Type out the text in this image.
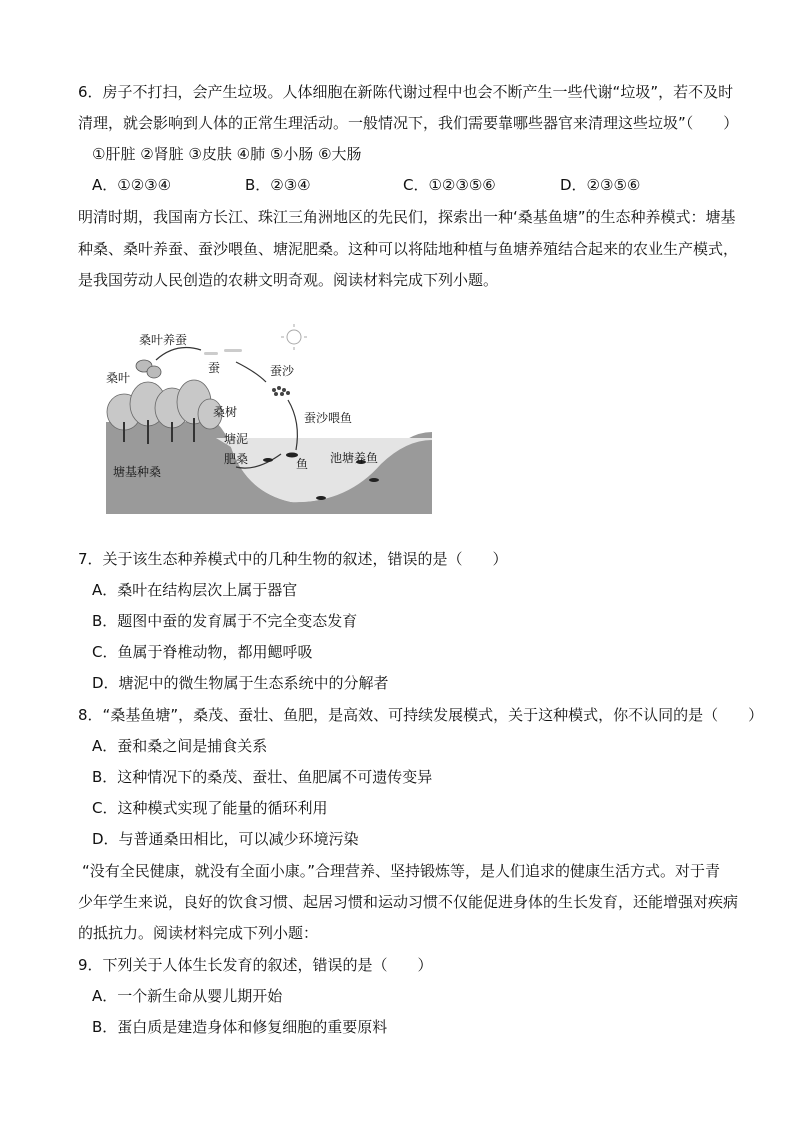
6．房子不打扫，会产生垃圾。人体细胞在新陈代谢过程中也会不断产生一些代谢“垃圾”，若不及时
清理，就会影响到人体的正常生理活动。一般情况下，我们需要靠哪些器官来清理这些垃圾”（　　）
①肝脏 ②肾脏 ③皮肤 ④肺 ⑤小肠 ⑥大肠
A．①②③④	B．②③④	C．①②③⑤⑥	D．②③⑤⑥
明清时期，我国南方长江、珠江三角洲地区的先民们，探索出一种‘桑基鱼塘”的生态种养模式：塘基
种桑、桑叶养蚕、蚕沙喂鱼、塘泥肥桑。这种可以将陆地种植与鱼塘养殖结合起来的农业生产模式，
是我国劳动人民创造的农耕文明奇观。阅读材料完成下列小题。
桑叶养蚕
桑叶
蚕	蚕沙
桑树	蚕沙喂鱼
塘基种桑
塘泥
肥桑	鱼 池塘养鱼
7．关于该生态种养模式中的几种生物的叙述，错误的是（　　）
A．桑叶在结构层次上属于器官
B．题图中蚕的发育属于不完全变态发育
C．鱼属于脊椎动物，都用鳃呼吸
D．塘泥中的微生物属于生态系统中的分解者
8．“桑基鱼塘”，桑茂、蚕壮、鱼肥，是高效、可持续发展模式，关于这种模式，你不认同的是（　　）
A．蚕和桑之间是捕食关系
B．这种情况下的桑茂、蚕壮、鱼肥属不可遗传变异
C．这种模式实现了能量的循环利用
D．与普通桑田相比，可以减少环境污染
“没有全民健康，就没有全面小康。”合理营养、坚持锻炼等，是人们追求的健康生活方式。对于青
少年学生来说，良好的饮食习惯、起居习惯和运动习惯不仅能促进身体的生长发育，还能增强对疾病
的抵抗力。阅读材料完成下列小题：
9．下列关于人体生长发育的叙述，错误的是（　　）
A．一个新生命从婴儿期开始
B．蛋白质是建造身体和修复细胞的重要原料
